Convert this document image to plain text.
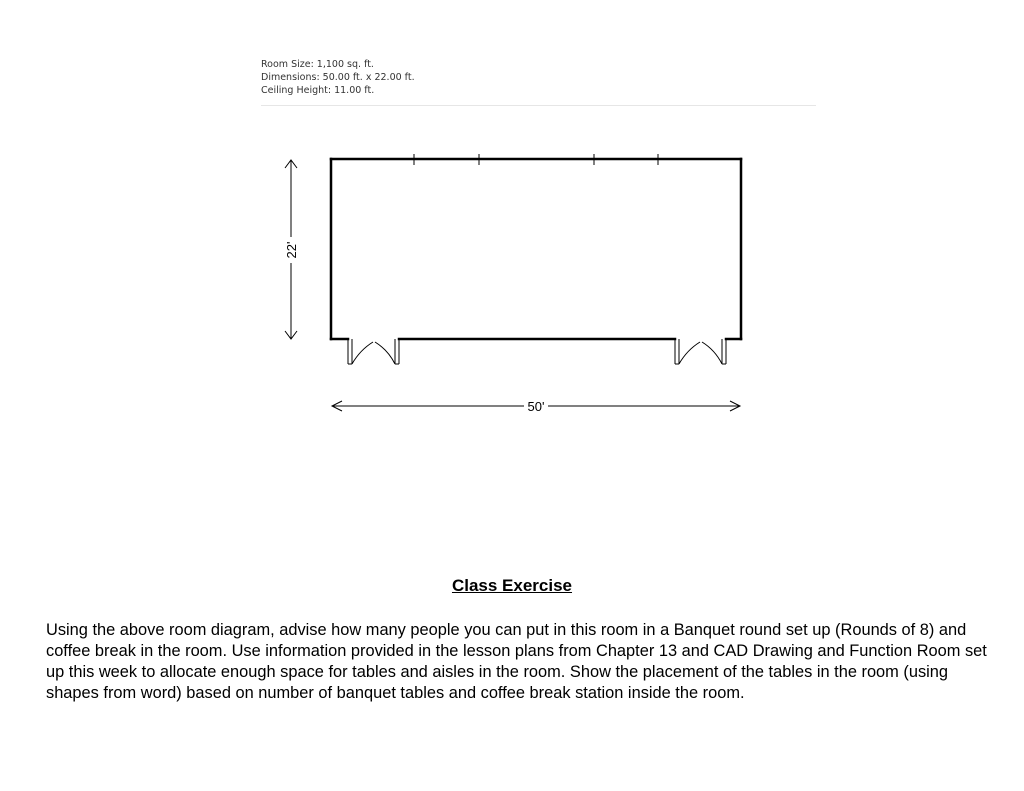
Room Size: 1,100 sq. ft.
Dimensions: 50.00 ft. x 22.00 ft.
Ceiling Height: 11.00 ft.
22'
50'
Class Exercise
Using the above room diagram, advise how many people you can put in this room in a Banquet round set up (Rounds of 8) and coffee break in the room. Use information provided in the lesson plans from Chapter 13 and CAD Drawing and Function Room set up this week to allocate enough space for tables and aisles in the room. Show the placement of the tables in the room (using shapes from word) based on number of banquet tables and coffee break station inside the room.
